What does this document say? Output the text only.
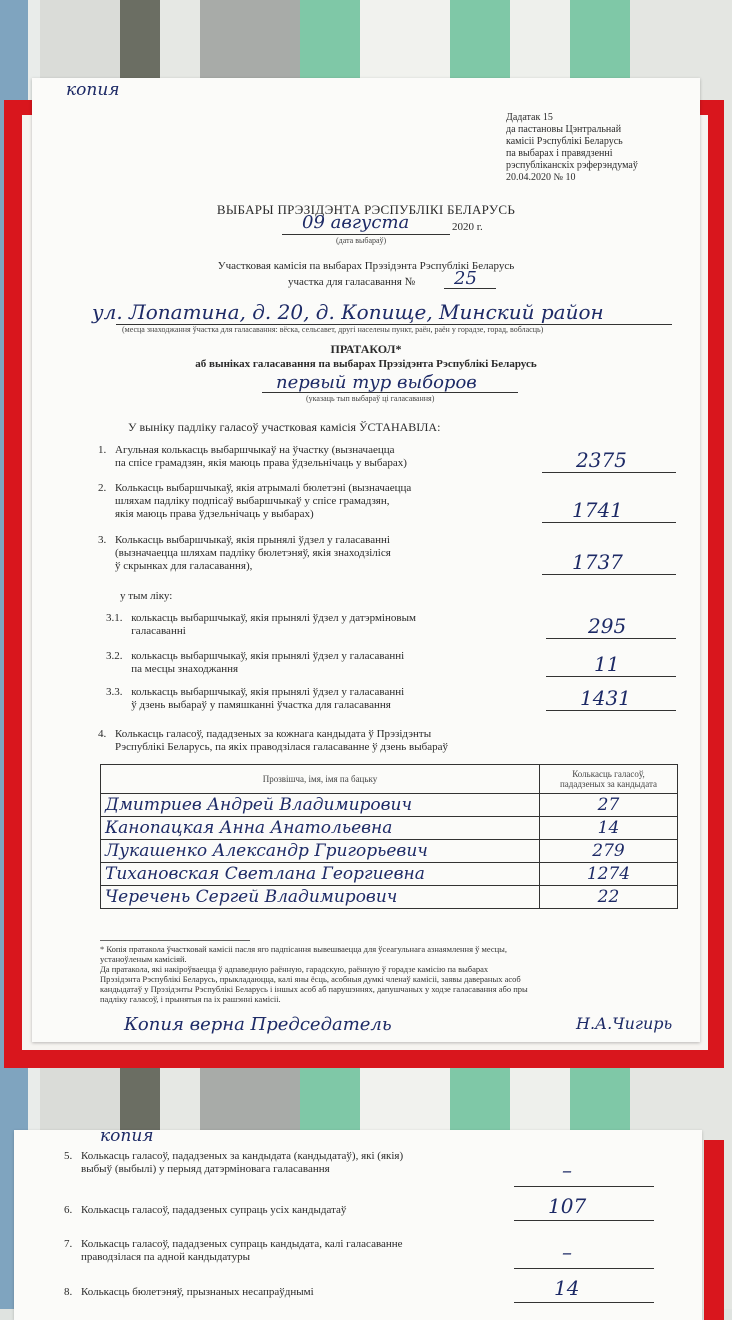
копия
Дадатак 15
да пастановы Цэнтральнай
камісіі Рэспублікі Беларусь
па выбарах і правядзенні
рэспубліканскіх рэферэндумаў
20.04.2020 № 10
ВЫБАРЫ ПРЭЗІДЭНТА РЭСПУБЛІКІ БЕЛАРУСЬ
09 августа	2020 г.
(дата выбараў)
Участковая камісія па выбарах Прэзідэнта Рэспублікі Беларусь
участка для галасавання № 25
ул. Лопатина, д. 20, д. Копище, Минский район
(месца знаходжання ўчастка для галасавання: вёска, сельсавет, другі населены пункт, раён, раён у горадзе, горад, вобласць)
ПРАТАКОЛ*
аб выніках галасавання па выбарах Прэзідэнта Рэспублікі Беларусь
первый тур выборов
(указаць тып выбараў ці галасавання)
У выніку падліку галасоў участковая камісія ЎСТАНАВІЛА:
1. Агульная колькасць выбаршчыкаў на ўчастку (вызначаецца
па спісе грамадзян, якія маюць права ўдзельнічаць у выбарах)	2375
2. Колькасць выбаршчыкаў, якія атрымалі бюлетэні (вызначаецца
шляхам падліку подпісаў выбаршчыкаў у спісе грамадзян,
якія маюць права ўдзельнічаць у выбарах)	1741
3. Колькасць выбаршчыкаў, якія прынялі ўдзел у галасаванні
(вызначаецца шляхам падліку бюлетэняў, якія знаходзіліся
ў скрынках для галасавання),	1737
у тым ліку:
3.1. колькасць выбаршчыкаў, якія прынялі ўдзел у датэрміновым
галасаванні	295
3.2. колькасць выбаршчыкаў, якія прынялі ўдзел у галасаванні
па месцы знаходжання	11
3.3. колькасць выбаршчыкаў, якія прынялі ўдзел у галасаванні
ў дзень выбараў у памяшканні ўчастка для галасавання	1431
4. Колькасць галасоў, пададзеных за кожнага кандыдата ў Прэзідэнты
Рэспублікі Беларусь, па якіх праводзілася галасаванне ў дзень выбараў
Прозвішча, імя, імя па бацьку	Колькасць галасоў,
пададзеных за кандыдата
Дмитриев Андрей Владимирович	27
Канопацкая Анна Анатольевна	14
Лукашенко Александр Григорьевич	279
Тихановская Светлана Георгиевна	1274
Черечень Сергей Владимирович	22
* Копія пратакола ўчастковай камісіі пасля яго падпісання вывешваецца для ўсеагульнага азнаямлення ў месцы,
устаноўленым камісіяй.
Да пратакола, які накіроўваецца ў адпаведную раённую, гарадскую, раённую ў горадзе камісію па выбарах
Прэзідэнта Рэспублікі Беларусь, прыкладаюцца, калі яны ёсць, асобныя думкі членаў камісіі, заявы давераных асоб
кандыдатаў у Прэзідэнты Рэспублікі Беларусь і іншых асоб аб парушэннях, дапушчаных у ходзе галасавання або пры
падліку галасоў, і прынятыя па іх рашэнні камісіі.
Копия верна Председатель	Н.А.Чигирь
копия
5. Колькасць галасоў, пададзеных за кандыдата (кандыдатаў), які (якія)
выбыў (выбылі) у перыяд датэрміновага галасавання	–
6. Колькасць галасоў, пададзеных супраць усіх кандыдатаў	107
7. Колькасць галасоў, пададзеных супраць кандыдата, калі галасаванне
праводзілася па адной кандыдатуры	–
8. Колькасць бюлетэняў, прызнаных несапраўднымі	14
